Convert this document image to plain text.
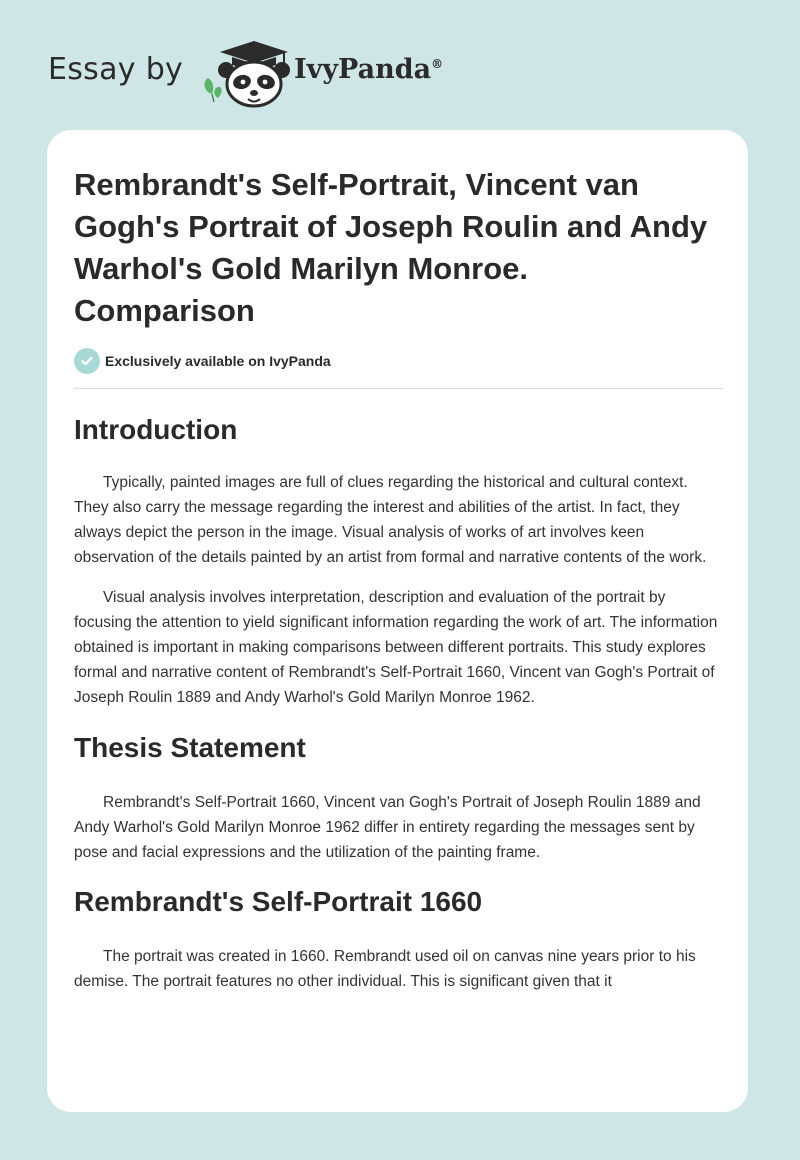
Essay by	IvyPanda®
Rembrandt's Self-Portrait, Vincent van Gogh's Portrait of Joseph Roulin and Andy Warhol's Gold Marilyn Monroe. Comparison
Exclusively available on IvyPanda
Introduction

Typically, painted images are full of clues regarding the historical and cultural context. They also carry the message regarding the interest and abilities of the artist. In fact, they always depict the person in the image. Visual analysis of works of art involves keen observation of the details painted by an artist from formal and narrative contents of the work.

Visual analysis involves interpretation, description and evaluation of the portrait by focusing the attention to yield significant information regarding the work of art. The information obtained is important in making comparisons between different portraits. This study explores formal and narrative content of Rembrandt's Self-Portrait 1660, Vincent van Gogh's Portrait of Joseph Roulin 1889 and Andy Warhol's Gold Marilyn Monroe 1962.

Thesis Statement

Rembrandt's Self-Portrait 1660, Vincent van Gogh's Portrait of Joseph Roulin 1889 and Andy Warhol's Gold Marilyn Monroe 1962 differ in entirety regarding the messages sent by pose and facial expressions and the utilization of the painting frame.

Rembrandt's Self-Portrait 1660

The portrait was created in 1660. Rembrandt used oil on canvas nine years prior to his demise. The portrait features no other individual. This is significant given that it
